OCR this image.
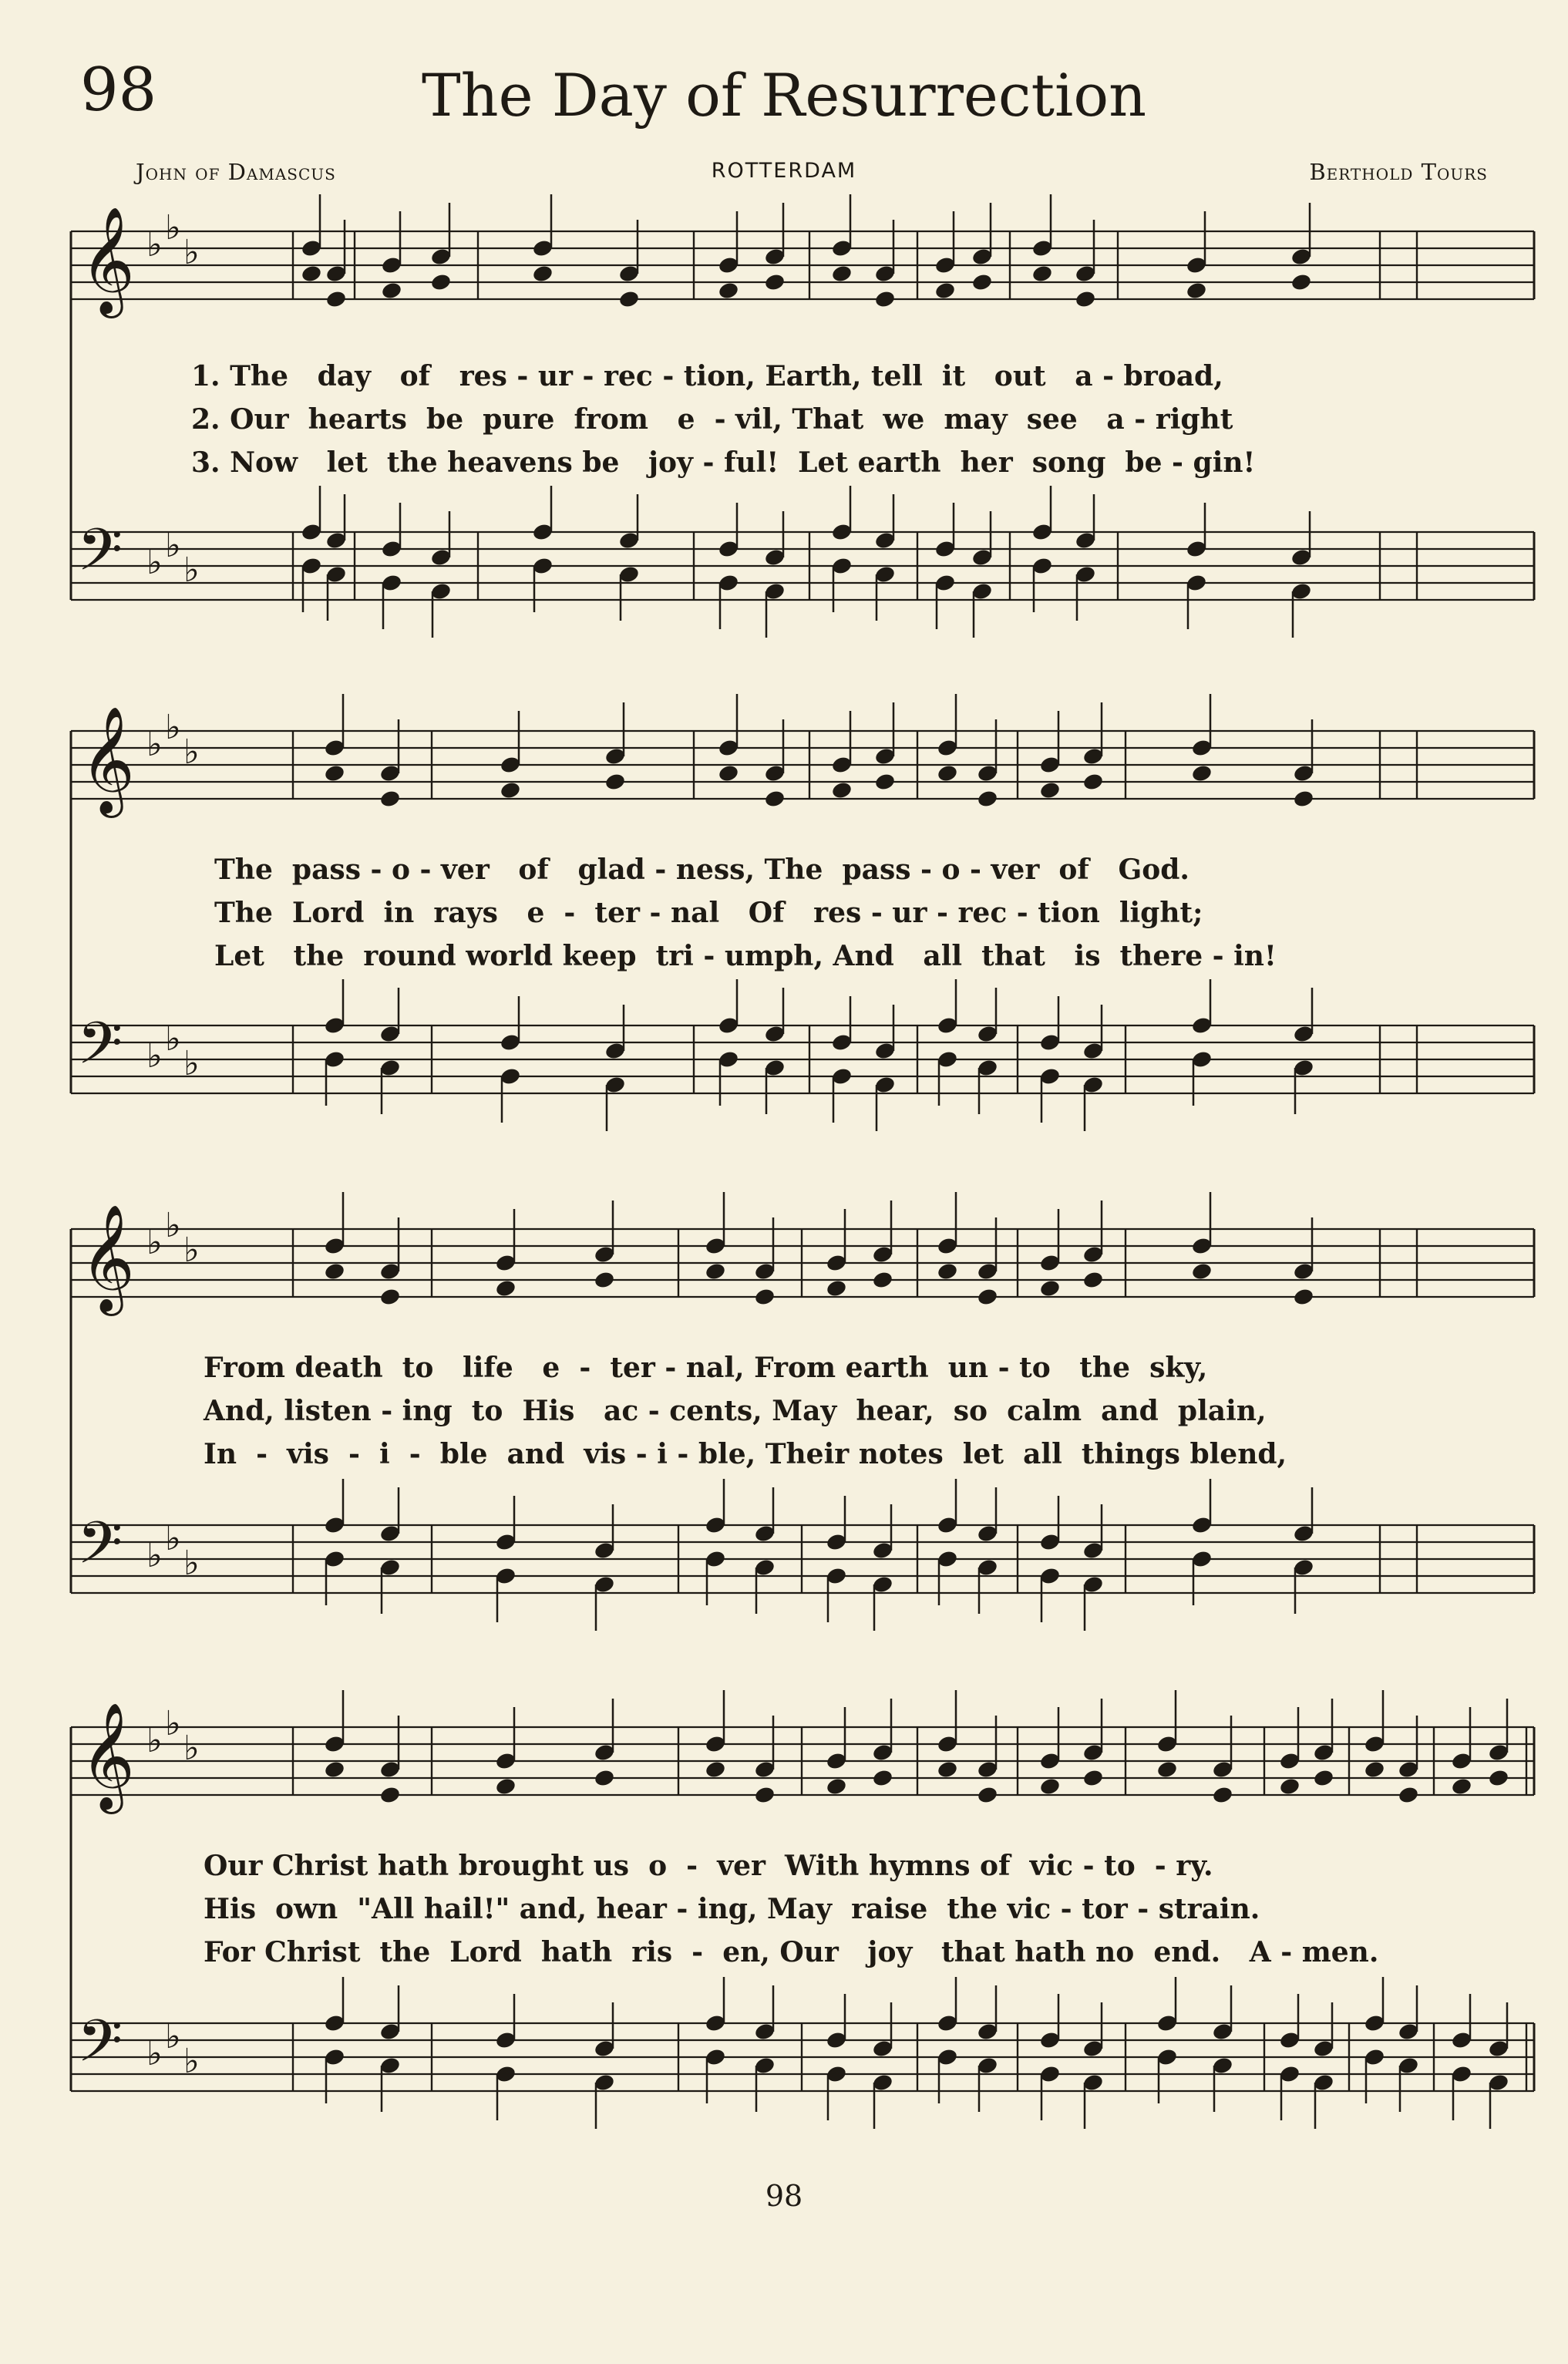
98	The Day of Resurrection
John of Damascus	ROTTERDAM	Berthold Tours
𝄞
𝄢
♭ ♭
♭
♭ ♭
♭
𝄞
𝄢
♭ ♭
♭
♭ ♭
♭
𝄞
𝄢
♭ ♭
♭
♭ ♭
♭
𝄞
𝄢
♭ ♭
♭
♭ ♭
♭
1. The   day   of   res - ur - rec - tion, Earth, tell  it   out   a - broad,
2. Our  hearts  be  pure  from   e  - vil, That  we  may  see   a - right
3. Now   let  the heavens be   joy - ful!  Let earth  her  song  be - gin!
The  pass - o - ver   of   glad - ness, The  pass - o - ver  of   God.
The  Lord  in  rays   e  -  ter - nal   Of   res - ur - rec - tion  light;
Let   the  round world keep  tri - umph, And   all  that   is  there - in!
From death  to   life   e  -  ter - nal, From earth  un - to   the  sky,
And, listen - ing  to  His   ac - cents, May  hear,  so  calm  and  plain,
In  -  vis  -  i  -  ble  and  vis - i - ble, Their notes  let  all  things blend,
Our Christ hath brought us  o  -  ver  With hymns of  vic - to  - ry.
His  own  "All hail!" and, hear - ing, May  raise  the vic - tor - strain.
For Christ  the  Lord  hath  ris  -  en, Our   joy   that hath no  end.   A - men.
98
